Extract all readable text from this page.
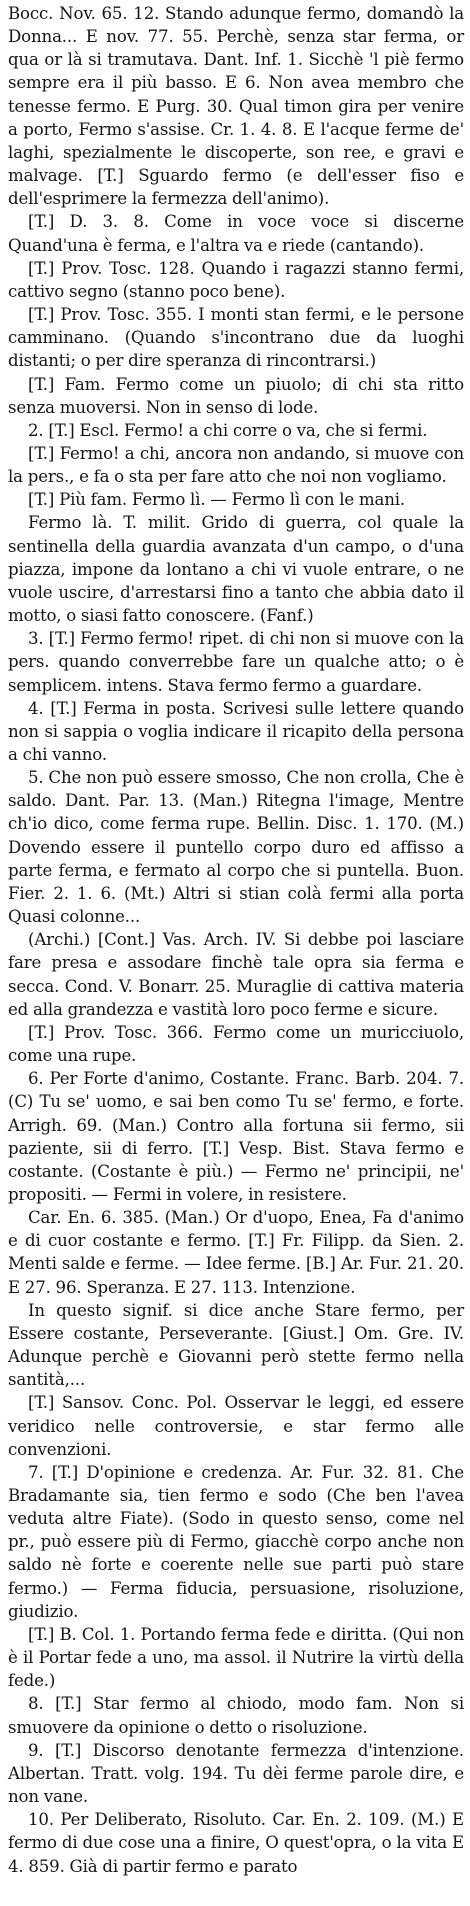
Bocc. Nov. 65. 12. Stando adunque fermo, domandò la Donna... E nov. 77. 55. Perchè, senza star ferma, or qua or là si tramutava. Dant. Inf. 1. Sicchè 'l piè fermo sempre era il più basso. E 6. Non avea membro che tenesse fermo. E Purg. 30. Qual timon gira per venire a porto, Fermo s'assise. Cr. 1. 4. 8. E l'acque ferme de' laghi, spezialmente le discoperte, son ree, e gravi e malvage. [T.] Sguardo fermo (e dell'esser fiso e dell'esprimere la fermezza dell'animo).

[T.] D. 3. 8. Come in voce voce si discerne Quand'una è ferma, e l'altra va e riede (cantando).

[T.] Prov. Tosc. 128. Quando i ragazzi stanno fermi, cattivo segno (stanno poco bene).

[T.] Prov. Tosc. 355. I monti stan fermi, e le persone camminano. (Quando s'incontrano due da luoghi distanti; o per dire speranza di rincontrarsi.)

[T.] Fam. Fermo come un piuolo; di chi sta ritto senza muoversi. Non in senso di lode.

2. [T.] Escl. Fermo! a chi corre o va, che si fermi.

[T.] Fermo! a chi, ancora non andando, si muove con la pers., e fa o sta per fare atto che noi non vogliamo.

[T.] Più fam. Fermo lì. — Fermo lì con le mani.

Fermo là. T. milit. Grido di guerra, col quale la sentinella della guardia avanzata d'un campo, o d'una piazza, impone da lontano a chi vi vuole entrare, o ne vuole uscire, d'arrestarsi fino a tanto che abbia dato il motto, o siasi fatto conoscere. (Fanf.)

3. [T.] Fermo fermo! ripet. di chi non si muove con la pers. quando converrebbe fare un qualche atto; o è semplicem. intens. Stava fermo fermo a guardare.

4. [T.] Ferma in posta. Scrivesi sulle lettere quando non si sappia o voglia indicare il ricapito della persona a chi vanno.

5. Che non può essere smosso, Che non crolla, Che è saldo. Dant. Par. 13. (Man.) Ritegna l'image, Mentre ch'io dico, come ferma rupe. Bellin. Disc. 1. 170. (M.) Dovendo essere il puntello corpo duro ed affisso a parte ferma, e fermato al corpo che si puntella. Buon. Fier. 2. 1. 6. (Mt.) Altri si stian colà fermi alla porta Quasi colonne...

(Archi.) [Cont.] Vas. Arch. IV. Si debbe poi lasciare fare presa e assodare finchè tale opra sia ferma e secca. Cond. V. Bonarr. 25. Muraglie di cattiva materia ed alla grandezza e vastità loro poco ferme e sicure.

[T.] Prov. Tosc. 366. Fermo come un muricciuolo, come una rupe.

6. Per Forte d'animo, Costante. Franc. Barb. 204. 7. (C) Tu se' uomo, e sai ben como Tu se' fermo, e forte. Arrigh. 69. (Man.) Contro alla fortuna sii fermo, sii paziente, sii di ferro. [T.] Vesp. Bist. Stava fermo e costante. (Costante è più.) — Fermo ne' principii, ne' propositi. — Fermi in volere, in resistere.

Car. En. 6. 385. (Man.) Or d'uopo, Enea, Fa d'animo e di cuor costante e fermo. [T.] Fr. Filipp. da Sien. 2. Menti salde e ferme. — Idee ferme. [B.] Ar. Fur. 21. 20. E 27. 96. Speranza. E 27. 113. Intenzione.

In questo signif. si dice anche Stare fermo, per Essere costante, Perseverante. [Giust.] Om. Gre. IV. Adunque perchè e Giovanni però stette fermo nella santità,...

[T.] Sansov. Conc. Pol. Osservar le leggi, ed essere veridico nelle controversie, e star fermo alle convenzioni.

7. [T.] D'opinione e credenza. Ar. Fur. 32. 81. Che Bradamante sia, tien fermo e sodo (Che ben l'avea veduta altre Fiate). (Sodo in questo senso, come nel pr., può essere più di Fermo, giacchè corpo anche non saldo nè forte e coerente nelle sue parti può stare fermo.) — Ferma fiducia, persuasione, risoluzione, giudizio.

[T.] B. Col. 1. Portando ferma fede e diritta. (Qui non è il Portar fede a uno, ma assol. il Nutrire la virtù della fede.)

8. [T.] Star fermo al chiodo, modo fam. Non si smuovere da opinione o detto o risoluzione.

9. [T.] Discorso denotante fermezza d'intenzione. Albertan. Tratt. volg. 194. Tu dèi ferme parole dire, e non vane.

10. Per Deliberato, Risoluto. Car. En. 2. 109. (M.) E fermo di due cose una a finire, O quest'opra, o la vita E 4. 859. Già di partir fermo e parato
